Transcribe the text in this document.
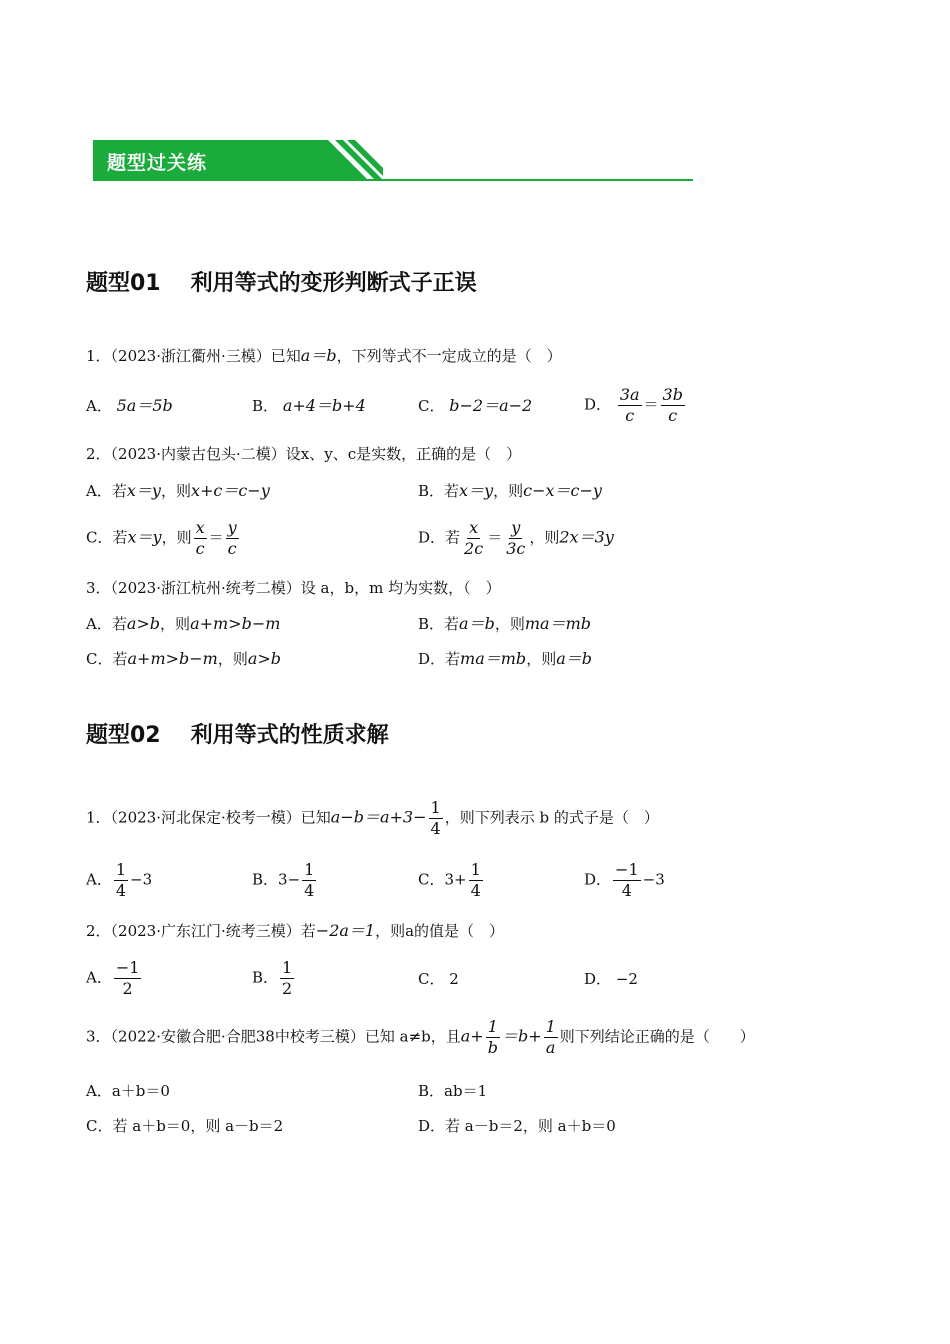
题型过关练
题型01 利用等式的变形判断式子正误
1．（2023·浙江衢州·三模）已知a＝b，下列等式不一定成立的是（　）
A． 5a＝5b	B． a+4＝b+4	C． b−2＝a−2	D． $\frac{3a}{c} = \frac{3b}{c}$
2．（2023·内蒙古包头·二模）设x、y、c是实数，正确的是（　）
A．若x＝y，则x+c＝c−y	B．若x＝y，则c−x＝c−y
C．若x＝y，则 $\frac{x}{c} = \frac{y}{c}$	D．若 $\frac{x}{2c} = \frac{y}{3c}$ ，则2x＝3y
3．（2023·浙江杭州·统考二模）设 a，b，m 均为实数，（　）
A．若a>b，则a+m>b−m	B．若a＝b，则ma＝mb
C．若a+m>b−m，则a>b	D．若ma＝mb，则a＝b
题型02 利用等式的性质求解
1．（2023·河北保定·校考一模）已知$a-b=a+3- \frac{1}{4}$ ，则下列表示 b 的式子是（　）
A． $\frac{1}{4} -3$	B．$3- \frac{1}{4}$	C．$3+ \frac{1}{4}$	D． $\frac{-1}{4} -3$
2．（2023·广东江门·统考三模）若−2a＝1，则a的值是（　）
A． $\frac{-1}{2}$	B． $\frac{1}{2}$	C． 2	D． −2
3．（2022·安徽合肥·合肥38中校考三模）已知 a≠b，且$a+ \frac{1}{b} =b+ \frac{1}{a}$ 则下列结论正确的是（　　）
A．a＋b＝0	B．ab＝1
C．若 a＋b＝0，则 a－b＝2	D．若 a－b＝2，则 a＋b＝0
